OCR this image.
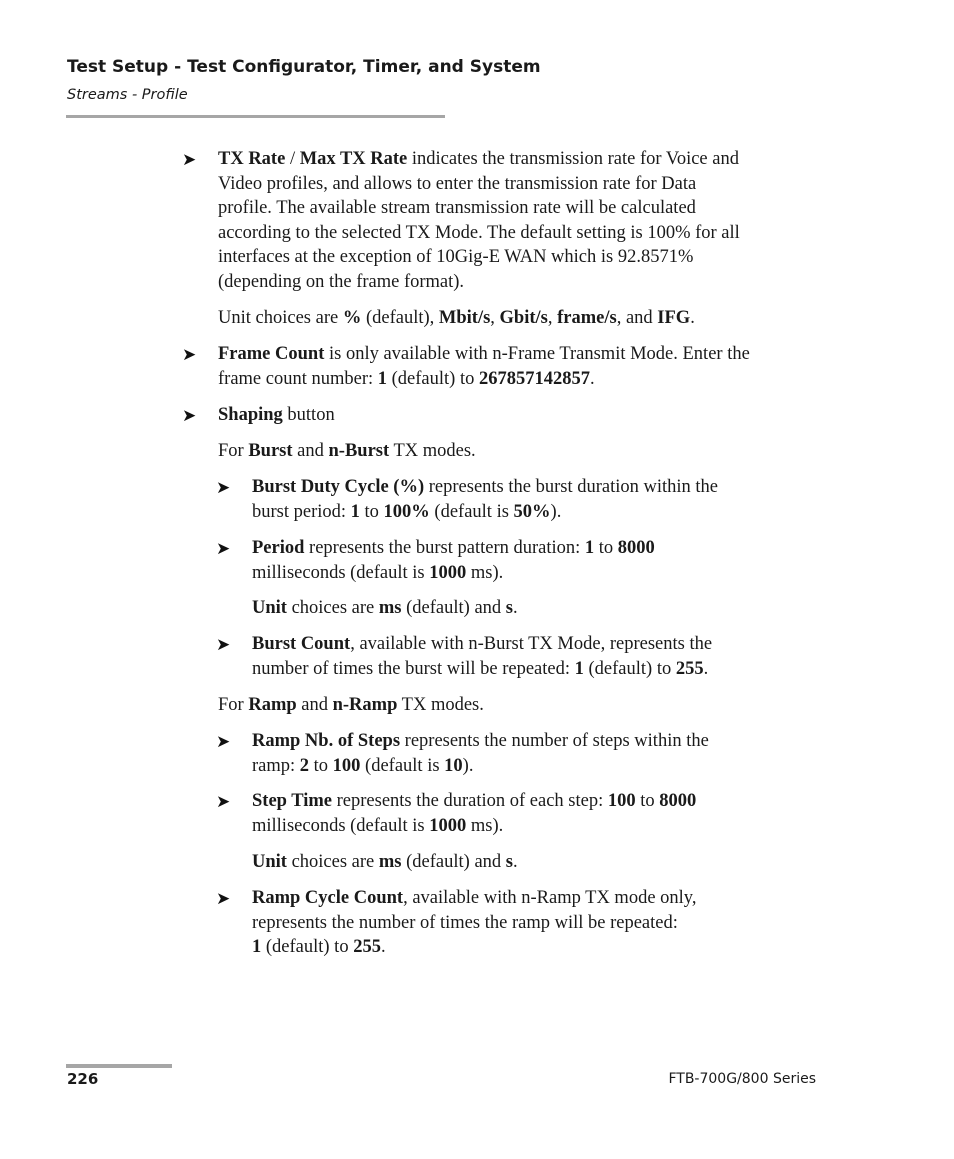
Test Setup - Test Configurator, Timer, and System
Streams - Profile
➤ TX Rate / Max TX Rate indicates the transmission rate for Voice and
Video profiles, and allows to enter the transmission rate for Data
profile. The available stream transmission rate will be calculated
according to the selected TX Mode. The default setting is 100% for all
interfaces at the exception of 10Gig-E WAN which is 92.8571%
(depending on the frame format).
Unit choices are % (default), Mbit/s, Gbit/s, frame/s, and IFG.
➤ Frame Count is only available with n-Frame Transmit Mode. Enter the
frame count number: 1 (default) to 267857142857.
➤ Shaping button
For Burst and n-Burst TX modes.
➤ Burst Duty Cycle (%) represents the burst duration within the
burst period: 1 to 100% (default is 50%).
➤ Period represents the burst pattern duration: 1 to 8000
milliseconds (default is 1000 ms).
Unit choices are ms (default) and s.
➤ Burst Count, available with n-Burst TX Mode, represents the
number of times the burst will be repeated: 1 (default) to 255.
For Ramp and n-Ramp TX modes.
➤ Ramp Nb. of Steps represents the number of steps within the
ramp: 2 to 100 (default is 10).
➤ Step Time represents the duration of each step: 100 to 8000
milliseconds (default is 1000 ms).
Unit choices are ms (default) and s.
➤ Ramp Cycle Count, available with n-Ramp TX mode only,
represents the number of times the ramp will be repeated:
1 (default) to 255.
226	FTB-700G/800 Series
